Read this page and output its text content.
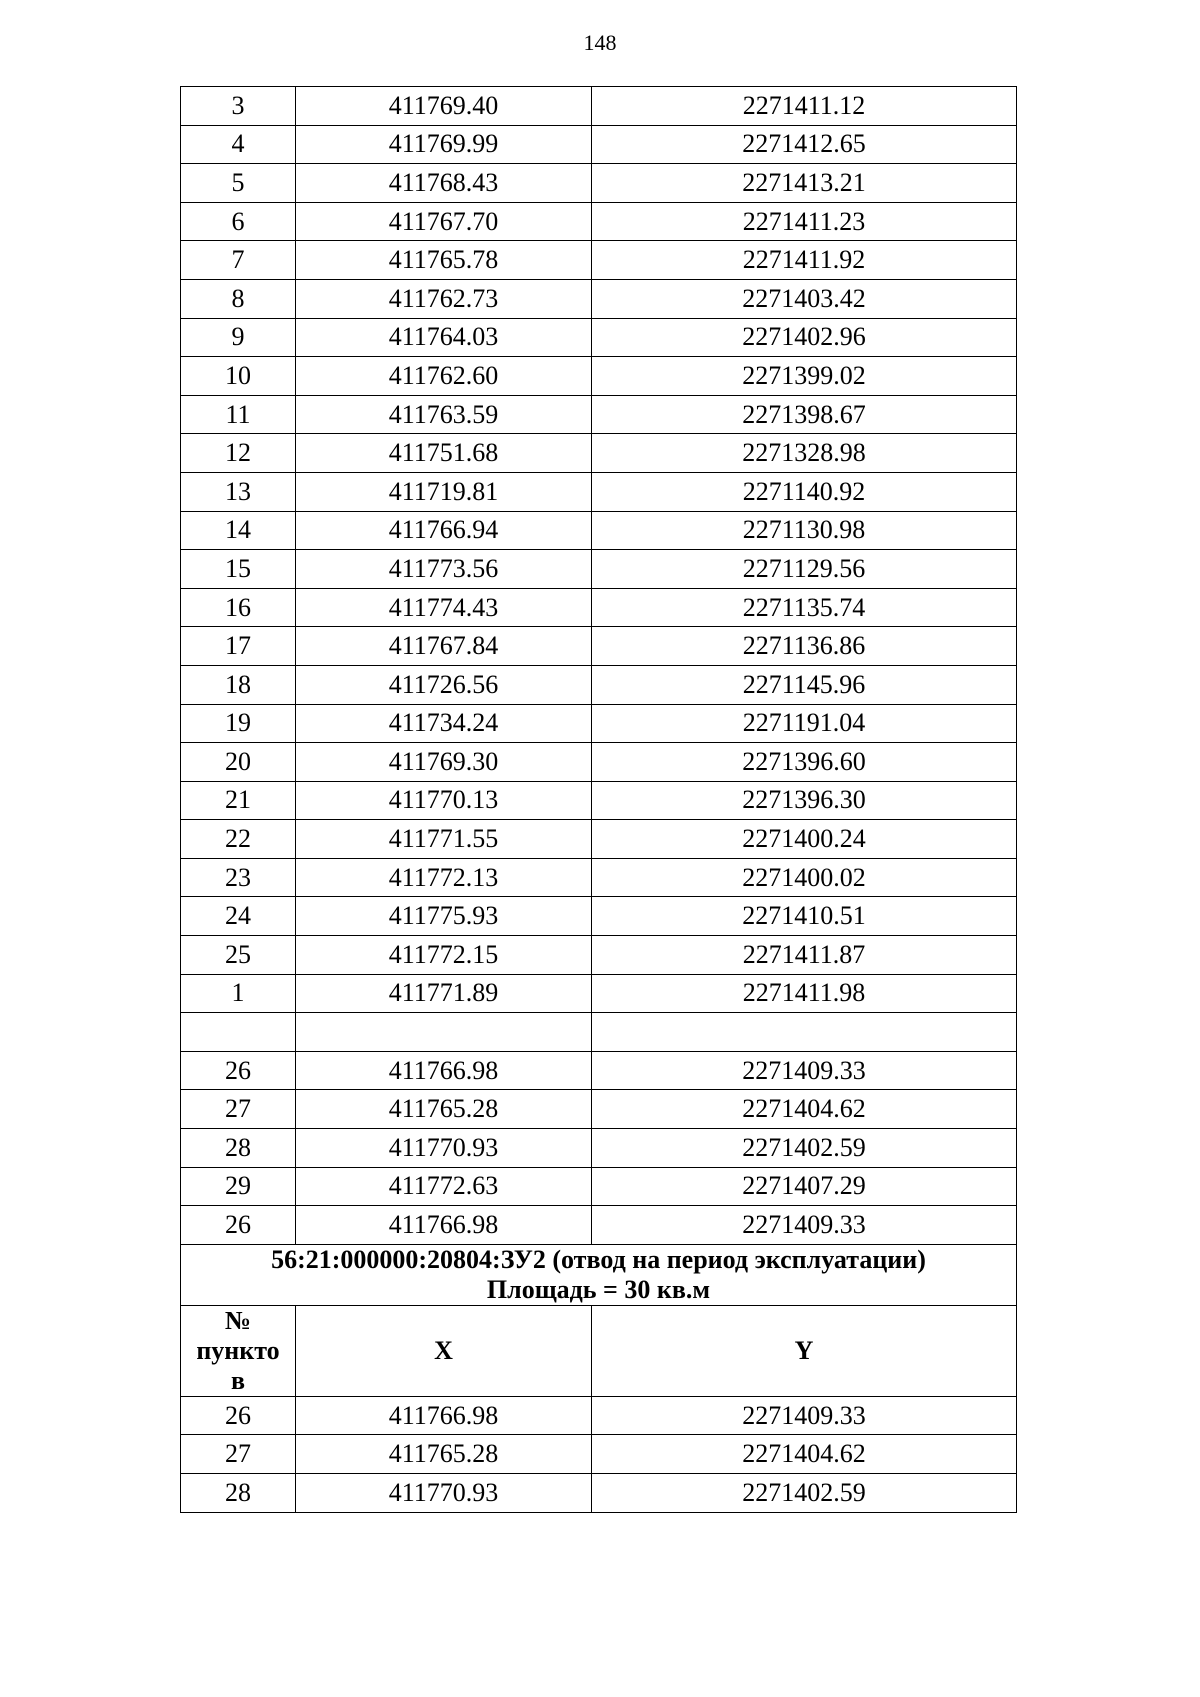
148
3	411769.40	2271411.12
4	411769.99	2271412.65
5	411768.43	2271413.21
6	411767.70	2271411.23
7	411765.78	2271411.92
8	411762.73	2271403.42
9	411764.03	2271402.96
10	411762.60	2271399.02
11	411763.59	2271398.67
12	411751.68	2271328.98
13	411719.81	2271140.92
14	411766.94	2271130.98
15	411773.56	2271129.56
16	411774.43	2271135.74
17	411767.84	2271136.86
18	411726.56	2271145.96
19	411734.24	2271191.04
20	411769.30	2271396.60
21	411770.13	2271396.30
22	411771.55	2271400.24
23	411772.13	2271400.02
24	411775.93	2271410.51
25	411772.15	2271411.87
1	411771.89	2271411.98

26	411766.98	2271409.33
27	411765.28	2271404.62
28	411770.93	2271402.59
29	411772.63	2271407.29
26	411766.98	2271409.33
56:21:000000:20804:ЗУ2 (отвод на период эксплуатации)
Площадь = 30 кв.м		
№
пункто
в	X	Y
26	411766.98	2271409.33
27	411765.28	2271404.62
28	411770.93	2271402.59
